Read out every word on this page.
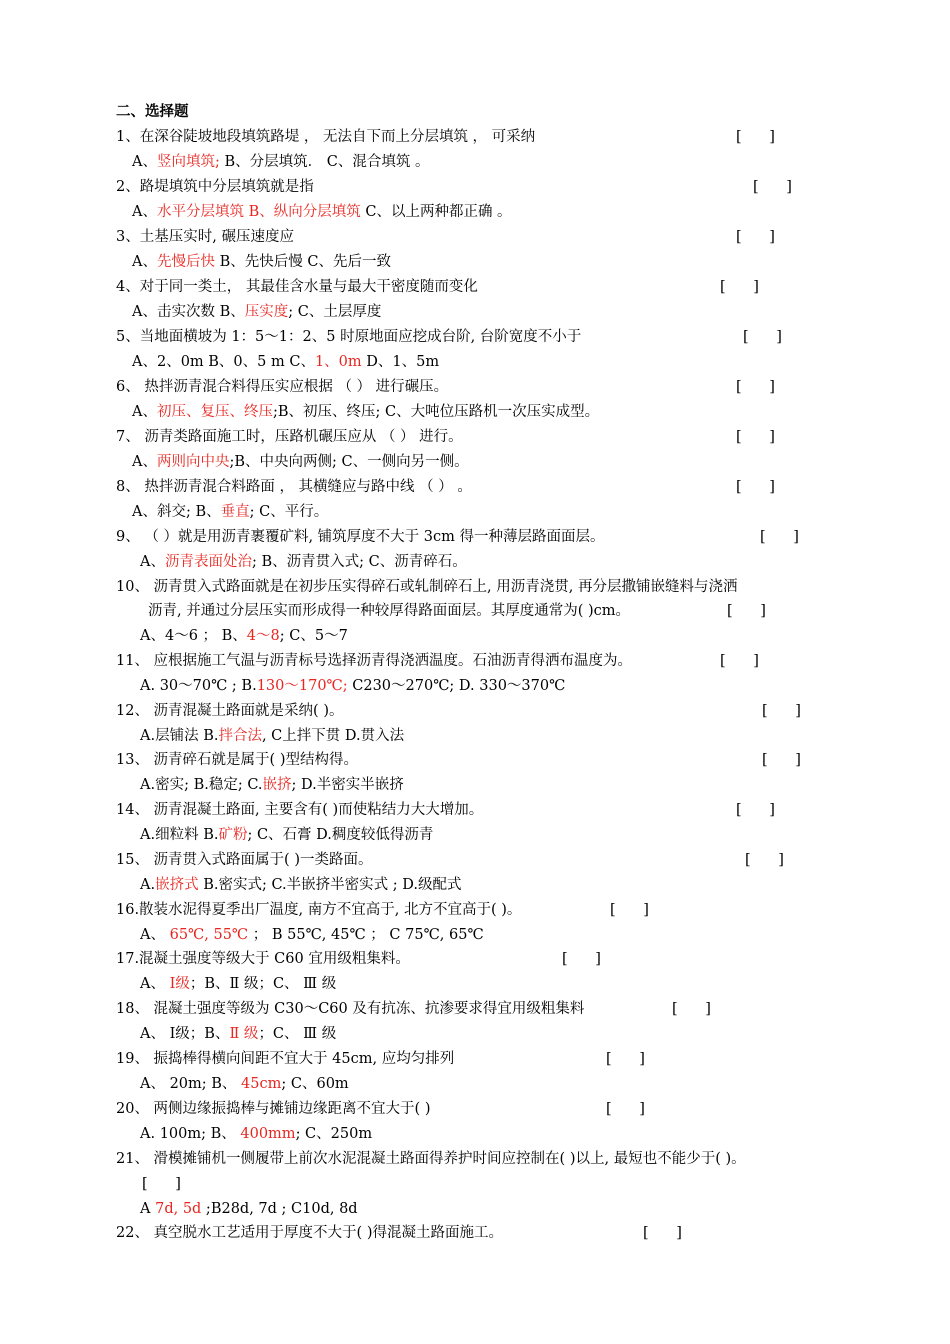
二、选择题
1、在深谷陡坡地段填筑路堤 ， 无法自下而上分层填筑 ， 可采纳	[      ]
A、竖向填筑; B、分层填筑． C、混合填筑 。
2、路堤填筑中分层填筑就是指	[      ]
A、水平分层填筑 B、纵向分层填筑 C、以上两种都正确 。
3、土基压实时, 碾压速度应	[      ]
A、先慢后快 B、先快后慢 C、先后一致
4、对于同一类土， 其最佳含水量与最大干密度随而变化	[      ]
A、击实次数 B、压实度; C、土层厚度
5、当地面横坡为 1：5～1：2、5 时原地面应挖成台阶, 台阶宽度不小于	[      ]
A、2、0m B、0、5 m C、1、0m D、1、5m
6、 热拌沥青混合料得压实应根据 （ ） 进行碾压。	[      ]
A、初压、复压、终压;B、初压、终压; C、大吨位压路机一次压实成型。
7、 沥青类路面施工时，压路机碾压应从 （ ） 进行。	[      ]
A、两则向中央;B、中央向两侧; C、一侧向另一侧。
8、 热拌沥青混合料路面 ， 其横缝应与路中线 （ ） 。	[      ]
A、斜交; B、垂直; C、平行。
9、 （ ）就是用沥青裹覆矿料, 铺筑厚度不大于 3cm 得一种薄层路面面层。	[      ]
A、沥青表面处治; B、沥青贯入式; C、沥青碎石。
10、 沥青贯入式路面就是在初步压实得碎石或轧制碎石上, 用沥青浇贯, 再分层撒铺嵌缝料与浇洒
沥青, 并通过分层压实而形成得一种较厚得路面面层。其厚度通常为( )cm。	[      ]
A、4～6 ； B、4～8; C、5～7
11、 应根据施工气温与沥青标号选择沥青得浇洒温度。石油沥青得洒布温度为。	[      ]
A. 30～70℃ ; B.130～170℃; C230～270℃; D. 330～370℃
12、 沥青混凝土路面就是采纳( )。	[      ]
A.层铺法 B.拌合法, C上拌下贯 D.贯入法
13、 沥青碎石就是属于( )型结构得。	[      ]
A.密实; B.稳定; C.嵌挤; D.半密实半嵌挤
14、 沥青混凝土路面, 主要含有( )而使粘结力大大增加。	[      ]
A.细粒料 B.矿粉; C、石膏 D.稠度较低得沥青
15、 沥青贯入式路面属于( )一类路面。	[      ]
A.嵌挤式 B.密实式; C.半嵌挤半密实式 ; D.级配式
16.散装水泥得夏季出厂温度, 南方不宜高于, 北方不宜高于( )。	[      ]
A、 65℃, 55℃ ； B 55℃, 45℃ ； C 75℃, 65℃
17.混凝土强度等级大于 C60 宜用级粗集料。	[      ]
A、 Ⅰ级；B、Ⅱ 级；C、 Ⅲ 级
18、 混凝土强度等级为 C30～C60 及有抗冻、抗渗要求得宜用级粗集料	[      ]
A、 Ⅰ级；B、Ⅱ 级；C、 Ⅲ 级
19、 振捣棒得横向间距不宜大于 45cm, 应均匀排列	[      ]
A、 20m; B、 45cm; C、60m
20、 两侧边缘振捣棒与摊铺边缘距离不宜大于( )	[      ]
A. 100m; B、 400mm; C、250m
21、 滑模摊铺机一侧履带上前次水泥混凝土路面得养护时间应控制在( )以上, 最短也不能少于( )。
[      ]
A 7d, 5d ;B28d, 7d ; C10d, 8d
22、 真空脱水工艺适用于厚度不大于( )得混凝土路面施工。	[      ]
